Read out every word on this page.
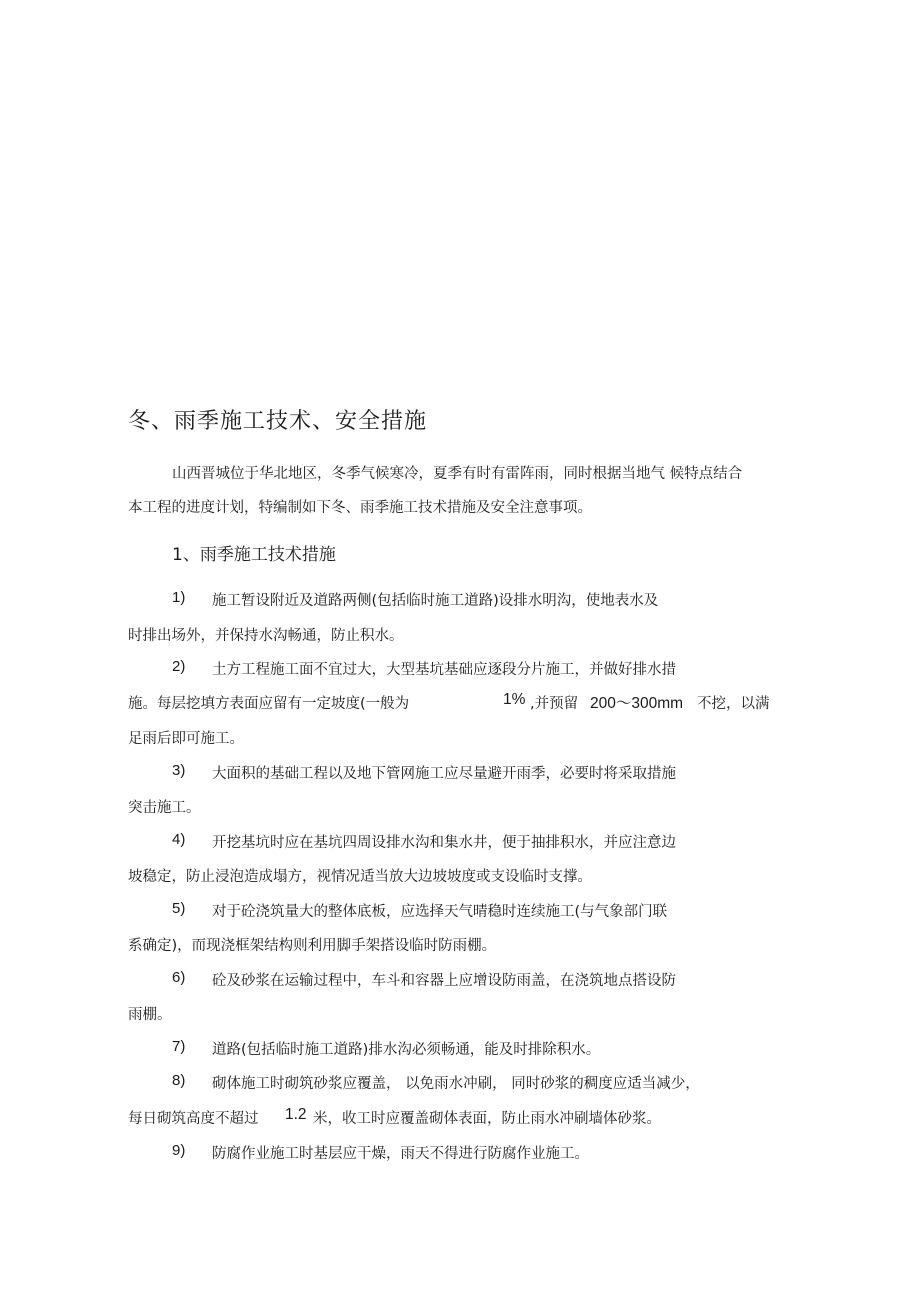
冬、雨季施工技术、安全措施
山西晋城位于华北地区，冬季气候寒冷，夏季有时有雷阵雨，同时根据当地气 候特点结合
本工程的进度计划，特编制如下冬、雨季施工技术措施及安全注意事项。
1、雨季施工技术措施
1) 施工暂设附近及道路两侧(包括临时施工道路)设排水明沟，使地表水及
时排出场外，并保持水沟畅通，防止积水。
2) 土方工程施工面不宜过大，大型基坑基础应逐段分片施工，并做好排水措
施。每层挖填方表面应留有一定坡度(一般为	1% ,并预留 200～300mm 不挖，以满
足雨后即可施工。
3) 大面积的基础工程以及地下管网施工应尽量避开雨季，必要时将采取措施
突击施工。
4) 开挖基坑时应在基坑四周设排水沟和集水井，便于抽排积水，并应注意边
坡稳定，防止浸泡造成塌方，视情况适当放大边坡坡度或支设临时支撑。
5) 对于砼浇筑量大的整体底板，应选择天气晴稳时连续施工(与气象部门联
系确定)，而现浇框架结构则利用脚手架搭设临时防雨棚。
6) 砼及砂浆在运输过程中，车斗和容器上应增设防雨盖，在浇筑地点搭设防
雨棚。
7) 道路(包括临时施工道路)排水沟必须畅通，能及时排除积水。
8) 砌体施工时砌筑砂浆应覆盖， 以免雨水冲刷， 同时砂浆的稠度应适当减少，
每日砌筑高度不超过 1.2 米，收工时应覆盖砌体表面，防止雨水冲刷墙体砂浆。
9) 防腐作业施工时基层应干燥，雨天不得进行防腐作业施工。
